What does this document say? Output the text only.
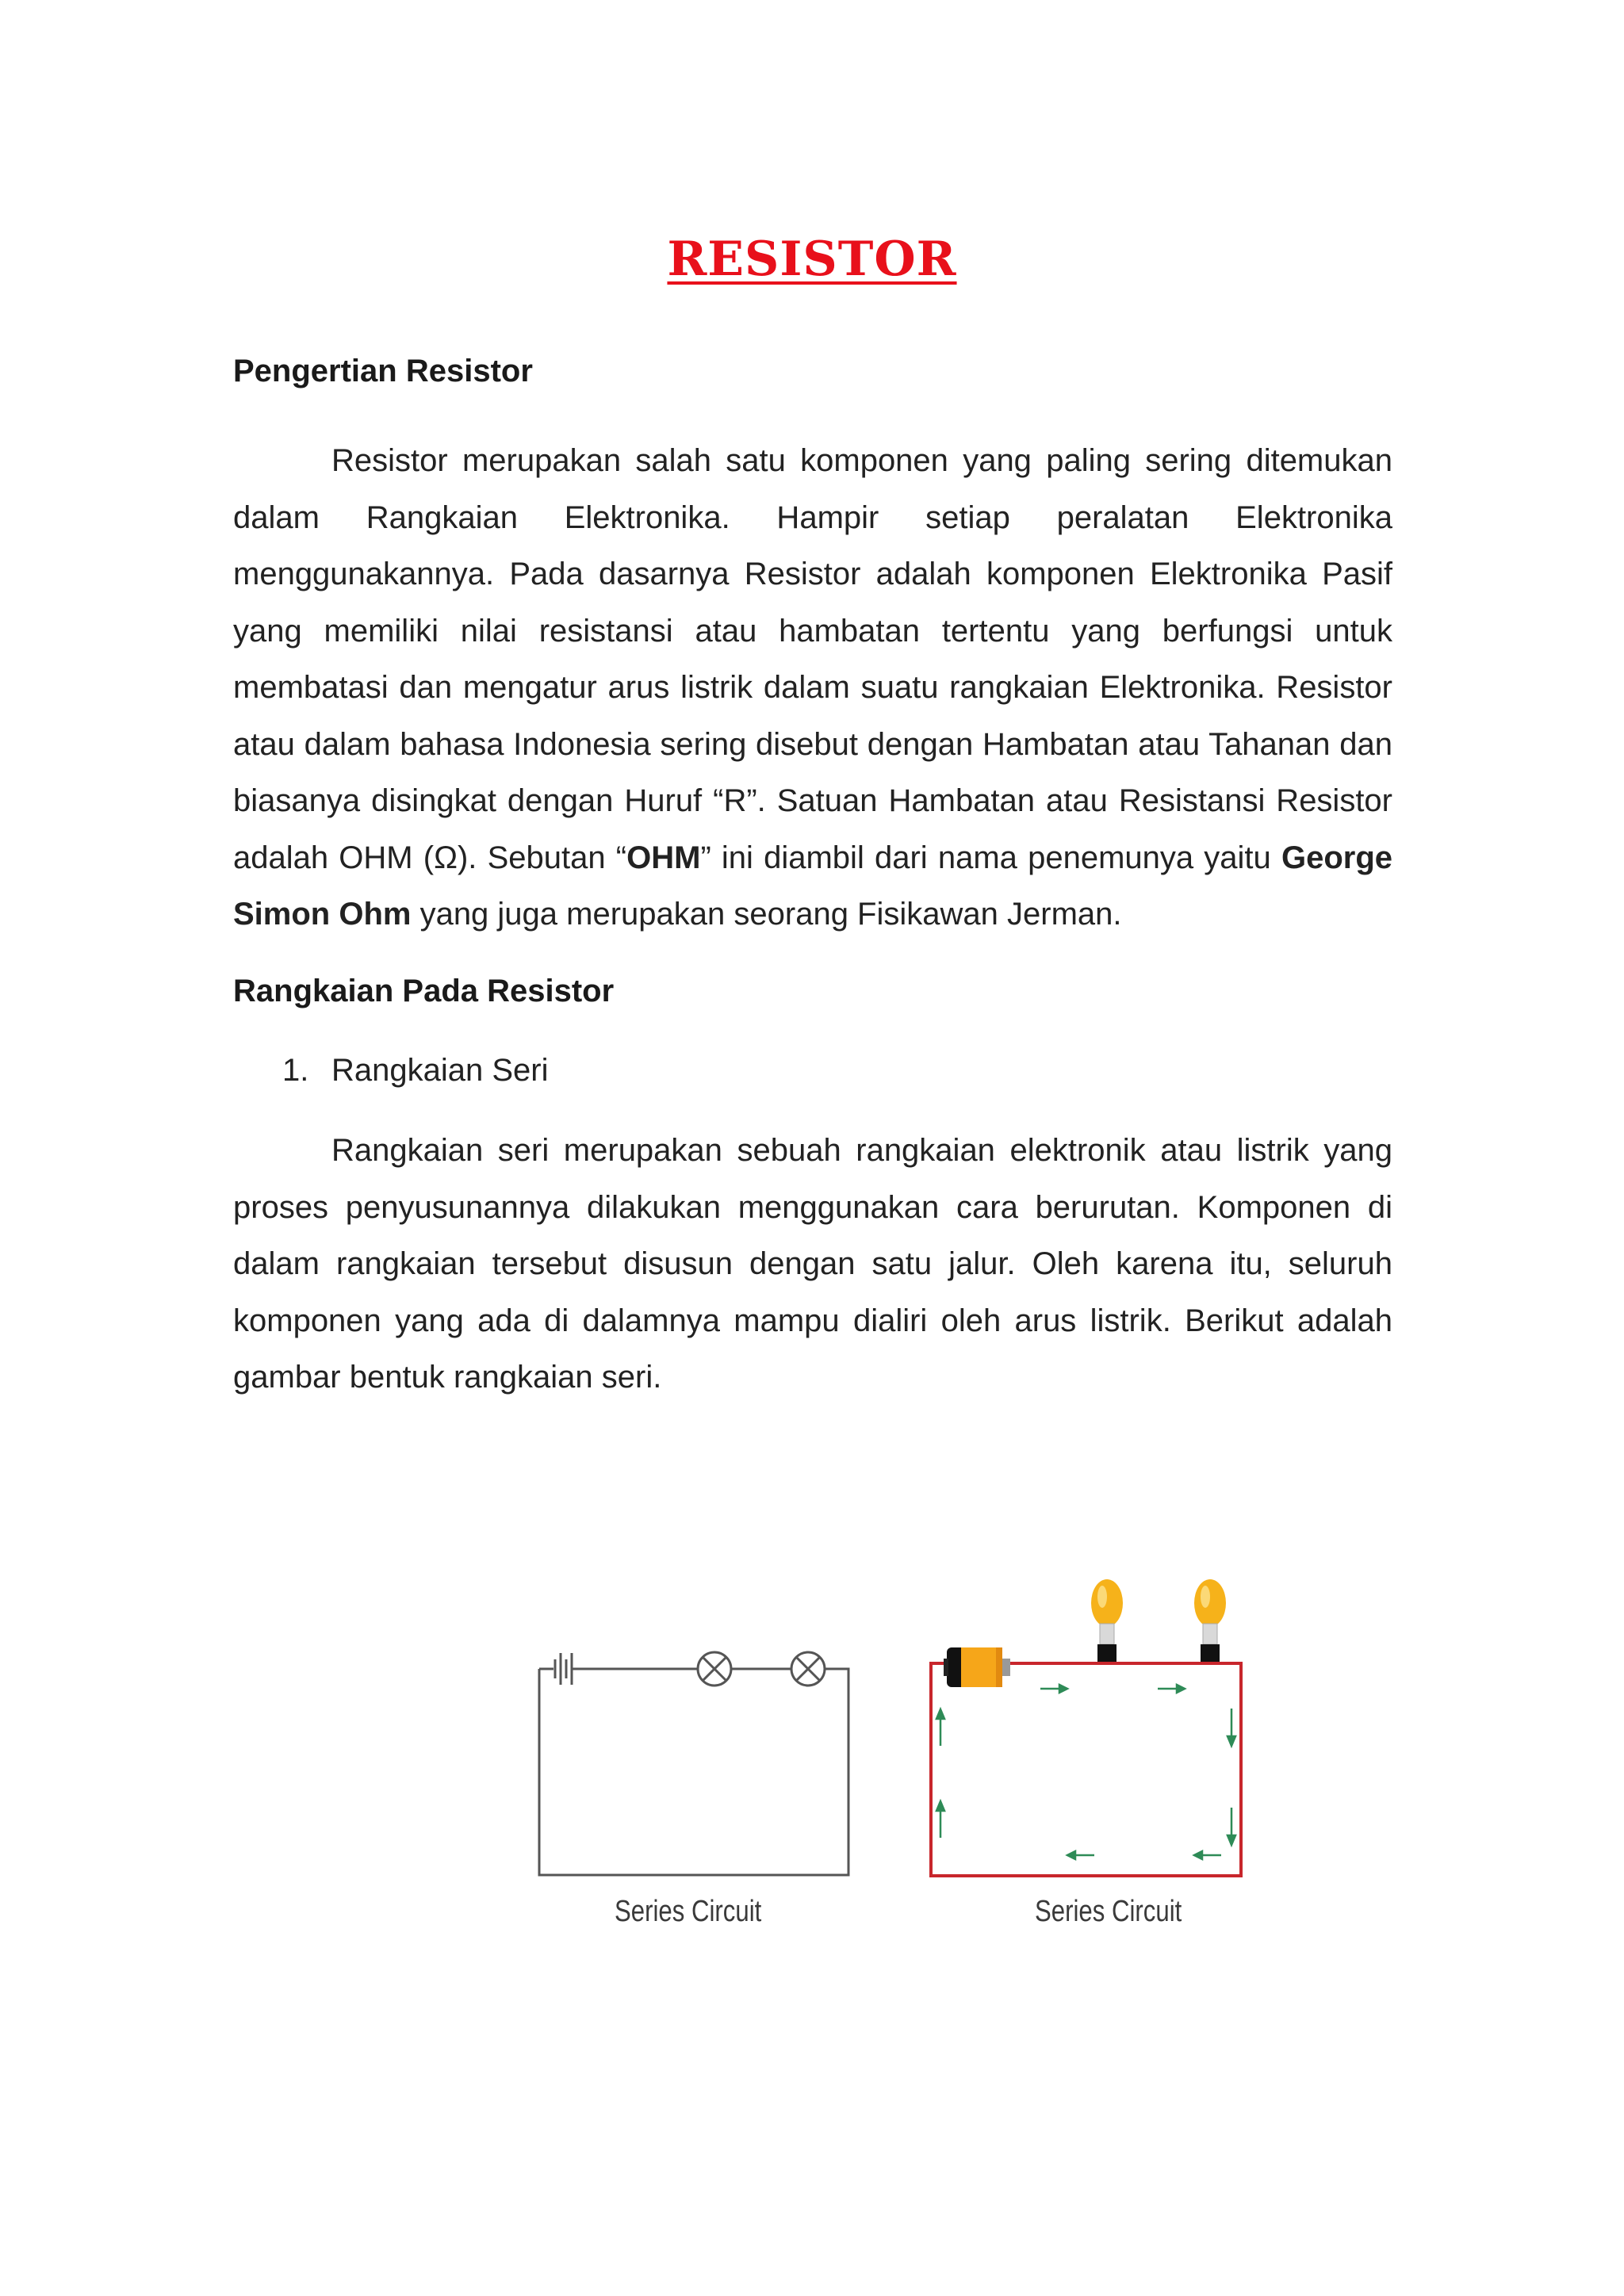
RESISTOR
Pengertian Resistor
Resistor merupakan salah satu komponen yang paling sering ditemukan dalam Rangkaian Elektronika. Hampir setiap peralatan Elektronika menggunakannya. Pada dasarnya Resistor adalah komponen Elektronika Pasif yang memiliki nilai resistansi atau hambatan tertentu yang berfungsi untuk membatasi dan mengatur arus listrik dalam suatu rangkaian Elektronika. Resistor atau dalam bahasa Indonesia sering disebut dengan Hambatan atau Tahanan dan biasanya disingkat dengan Huruf “R”. Satuan Hambatan atau Resistansi Resistor adalah OHM (Ω). Sebutan “OHM” ini diambil dari nama penemunya yaitu George Simon Ohm yang juga merupakan seorang Fisikawan Jerman.
Rangkaian Pada Resistor
1. Rangkaian Seri
Rangkaian seri merupakan sebuah rangkaian elektronik atau listrik yang proses penyusunannya dilakukan menggunakan cara berurutan. Komponen di dalam rangkaian tersebut disusun dengan satu jalur. Oleh karena itu, seluruh komponen yang ada di dalamnya mampu dialiri oleh arus listrik. Berikut adalah gambar bentuk rangkaian seri.
Series Circuit	Series Circuit
